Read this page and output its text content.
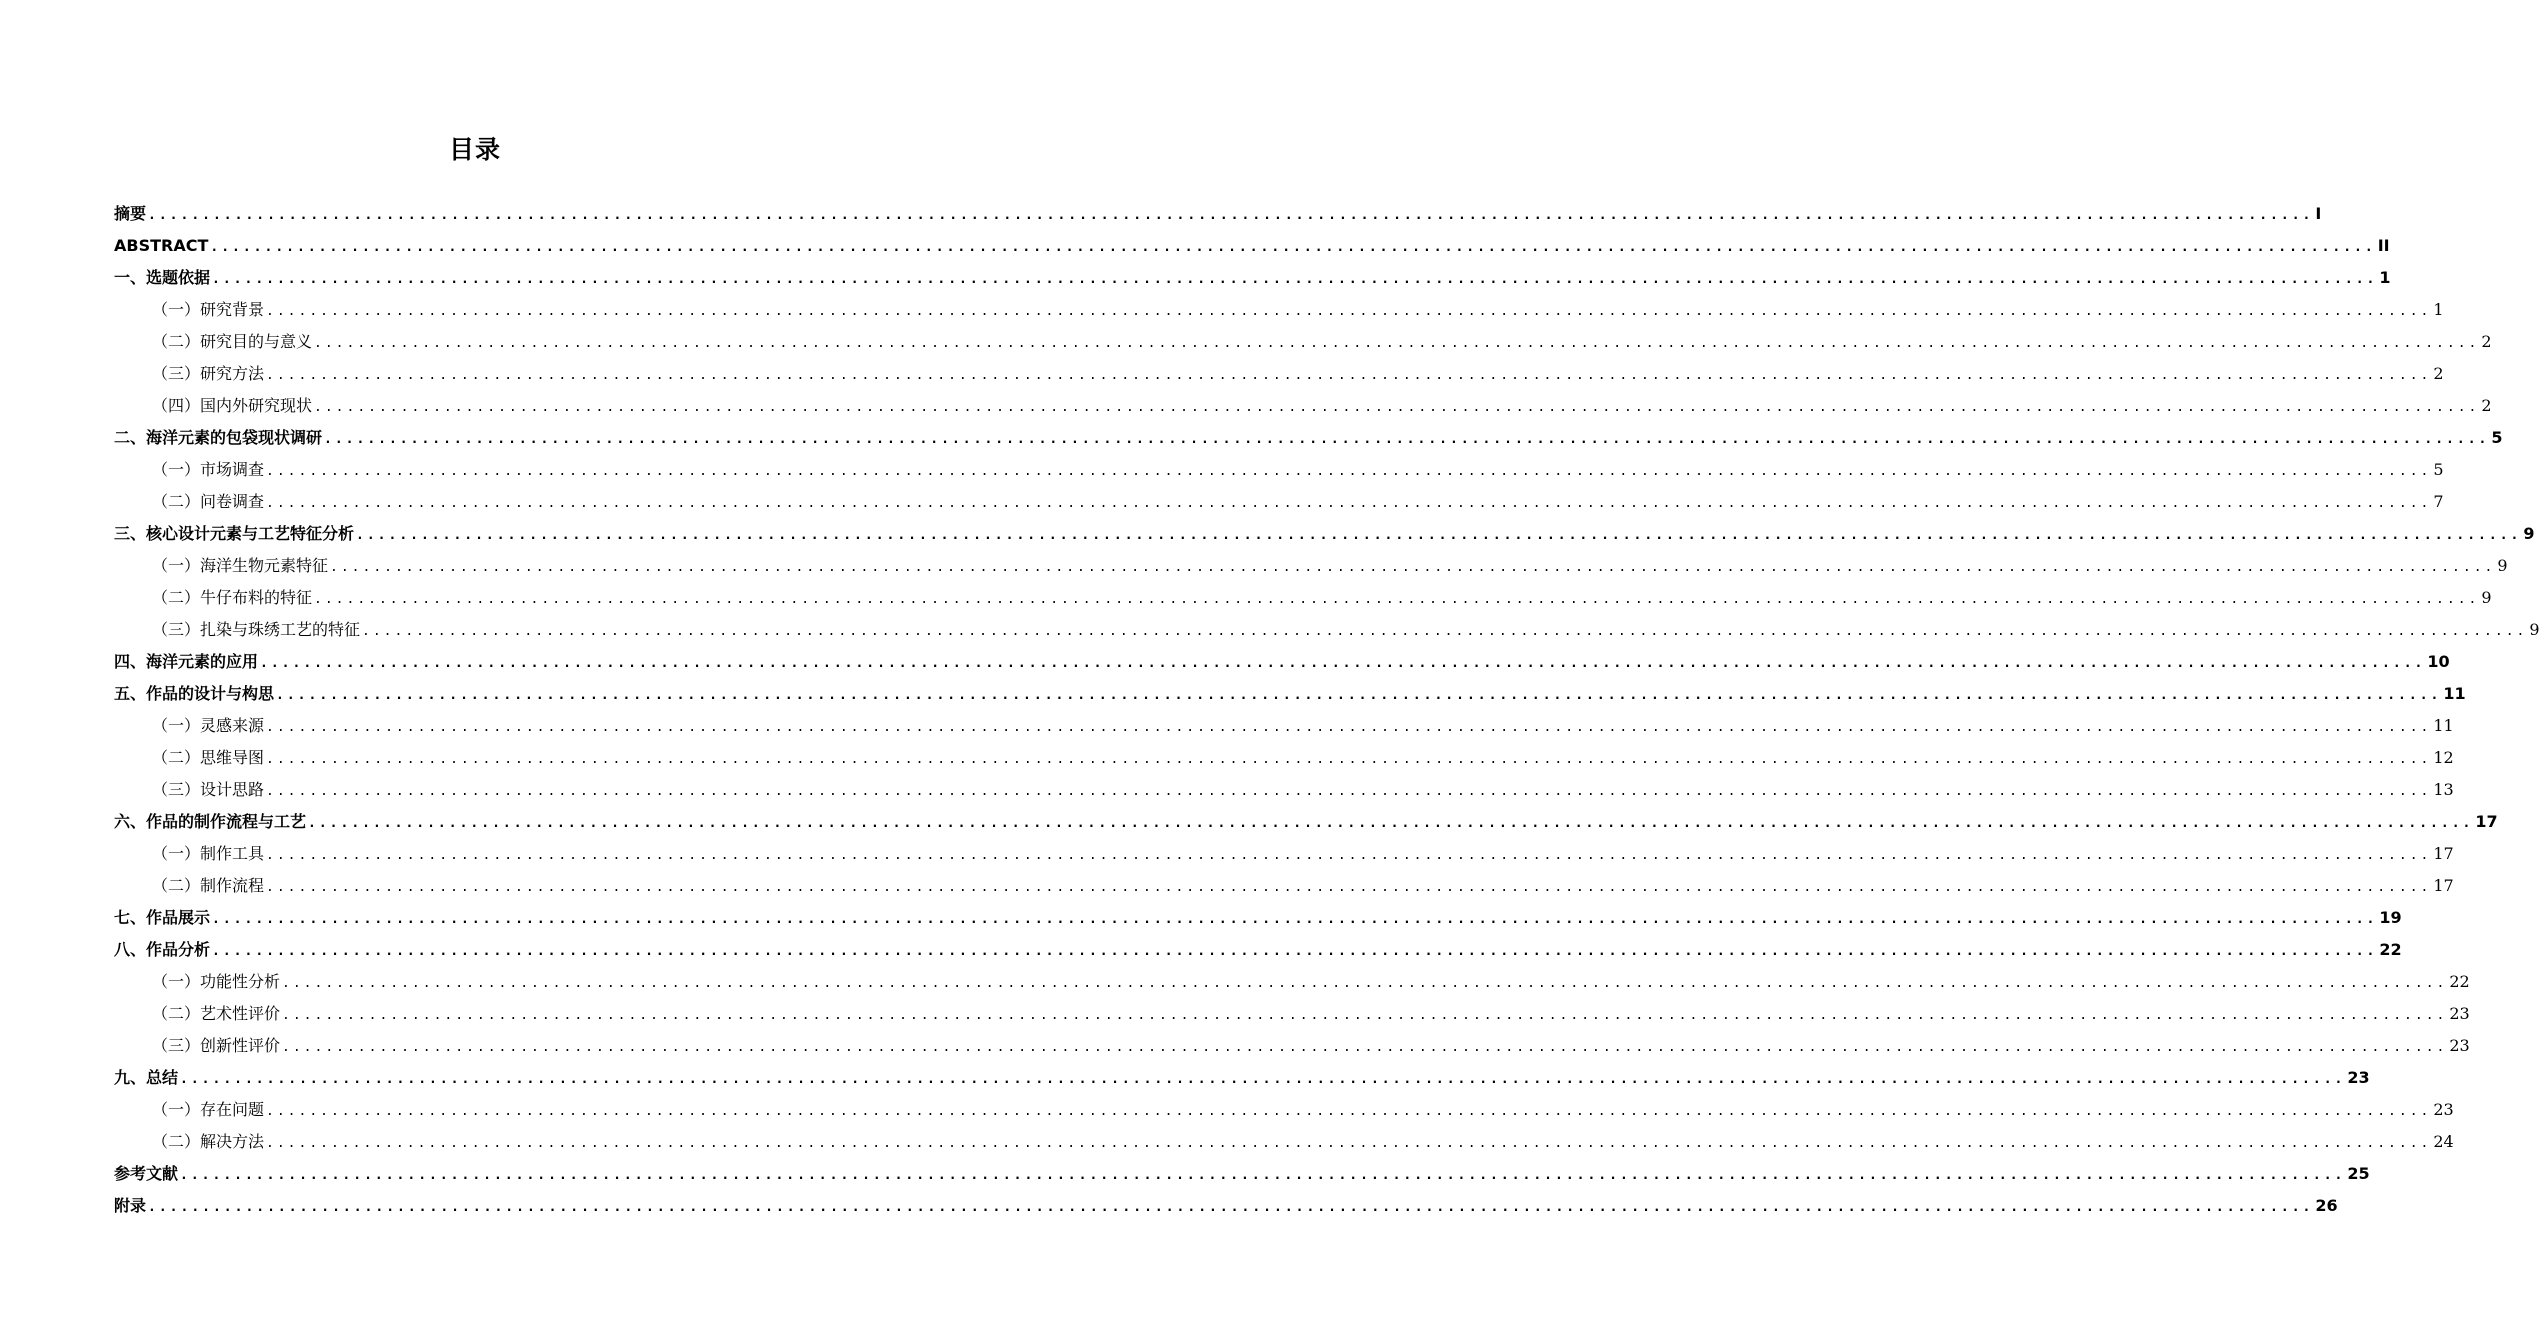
目录
摘要 ........................................................................................................................................................................................................ I
ABSTRACT ........................................................................................................................................................................................................ II
一、选题依据 ........................................................................................................................................................................................................ 1
（一）研究背景 ........................................................................................................................................................................................................ 1
（二）研究目的与意义 ........................................................................................................................................................................................................ 2
（三）研究方法 ........................................................................................................................................................................................................ 2
（四）国内外研究现状 ........................................................................................................................................................................................................ 2
二、海洋元素的包袋现状调研 ........................................................................................................................................................................................................ 5
（一）市场调查 ........................................................................................................................................................................................................ 5
（二）问卷调查 ........................................................................................................................................................................................................ 7
三、核心设计元素与工艺特征分析 ........................................................................................................................................................................................................ 9
（一）海洋生物元素特征 ........................................................................................................................................................................................................ 9
（二）牛仔布料的特征 ........................................................................................................................................................................................................ 9
（三）扎染与珠绣工艺的特征 ........................................................................................................................................................................................................ 9
四、海洋元素的应用 ........................................................................................................................................................................................................ 10
五、作品的设计与构思 ........................................................................................................................................................................................................ 11
（一）灵感来源 ........................................................................................................................................................................................................ 11
（二）思维导图 ........................................................................................................................................................................................................ 12
（三）设计思路 ........................................................................................................................................................................................................ 13
六、作品的制作流程与工艺 ........................................................................................................................................................................................................ 17
（一）制作工具 ........................................................................................................................................................................................................ 17
（二）制作流程 ........................................................................................................................................................................................................ 17
七、作品展示 ........................................................................................................................................................................................................ 19
八、作品分析 ........................................................................................................................................................................................................ 22
（一）功能性分析 ........................................................................................................................................................................................................ 22
（二）艺术性评价 ........................................................................................................................................................................................................ 23
（三）创新性评价 ........................................................................................................................................................................................................ 23
九、总结 ........................................................................................................................................................................................................ 23
（一）存在问题 ........................................................................................................................................................................................................ 23
（二）解决方法 ........................................................................................................................................................................................................ 24
参考文献 ........................................................................................................................................................................................................ 25
附录 ........................................................................................................................................................................................................ 26
